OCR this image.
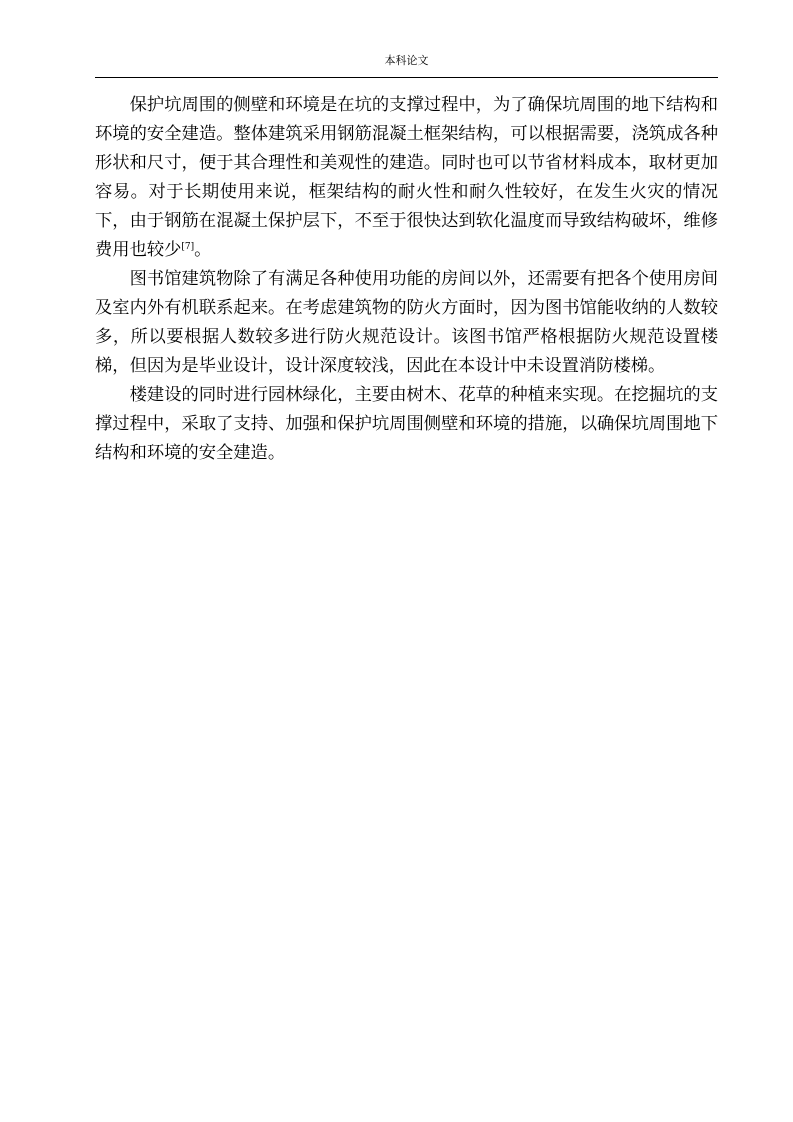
本科论文

保护坑周围的侧壁和环境是在坑的支撑过程中，为了确保坑周围的地下结构和环境的安全建造。整体建筑采用钢筋混凝土框架结构，可以根据需要，浇筑成各种形状和尺寸，便于其合理性和美观性的建造。同时也可以节省材料成本，取材更加容易。对于长期使用来说，框架结构的耐火性和耐久性较好，在发生火灾的情况下，由于钢筋在混凝土保护层下，不至于很快达到软化温度而导致结构破坏，维修费用也较少[7]。

图书馆建筑物除了有满足各种使用功能的房间以外，还需要有把各个使用房间及室内外有机联系起来。在考虑建筑物的防火方面时，因为图书馆能收纳的人数较多，所以要根据人数较多进行防火规范设计。该图书馆严格根据防火规范设置楼梯，但因为是毕业设计，设计深度较浅，因此在本设计中未设置消防楼梯。

楼建设的同时进行园林绿化，主要由树木、花草的种植来实现。在挖掘坑的支撑过程中，采取了支持、加强和保护坑周围侧壁和环境的措施，以确保坑周围地下结构和环境的安全建造。
